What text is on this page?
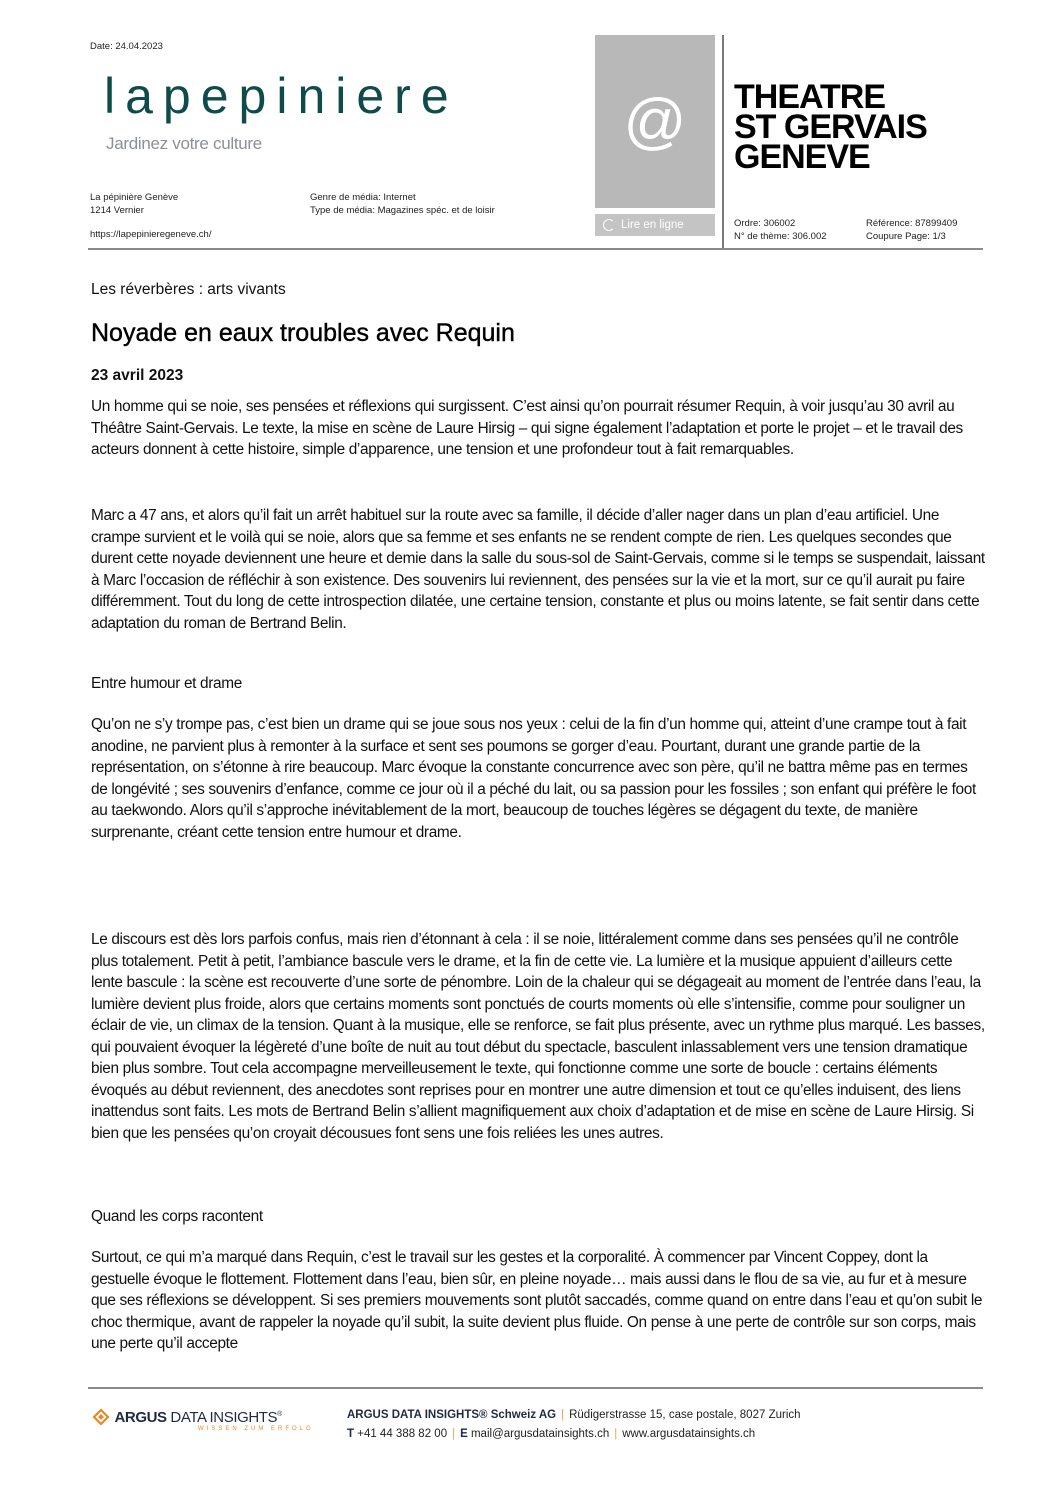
Date: 24.04.2023
lapepiniere
Jardinez votre culture
La pépinière Genève
1214 Vernier
https://lapepinieregeneve.ch/
Genre de média: Internet
Type de média: Magazines spéc. et de loisir
@
Lire en ligne
THEATRE
ST GERVAIS
GENEVE
Ordre: 306002
N° de thème: 306.002
Référence: 87899409
Coupure Page: 1/3
Les réverbères : arts vivants
Noyade en eaux troubles avec Requin
23 avril 2023

Un homme qui se noie, ses pensées et réflexions qui surgissent. C’est ainsi qu’on pourrait résumer Requin, à voir jusqu’au 30 avril au Théâtre Saint-Gervais. Le texte, la mise en scène de Laure Hirsig – qui signe également l’adaptation et porte le projet – et le travail des acteurs donnent à cette histoire, simple d’apparence, une tension et une profondeur tout à fait remarquables.

Marc a 47 ans, et alors qu’il fait un arrêt habituel sur la route avec sa famille, il décide d’aller nager dans un plan d’eau artificiel. Une crampe survient et le voilà qui se noie, alors que sa femme et ses enfants ne se rendent compte de rien. Les quelques secondes que durent cette noyade deviennent une heure et demie dans la salle du sous-sol de Saint-Gervais, comme si le temps se suspendait, laissant à Marc l’occasion de réfléchir à son existence. Des souvenirs lui reviennent, des pensées sur la vie et la mort, sur ce qu’il aurait pu faire différemment. Tout du long de cette introspection dilatée, une certaine tension, constante et plus ou moins latente, se fait sentir dans cette adaptation du roman de Bertrand Belin.

Entre humour et drame

Qu’on ne s’y trompe pas, c’est bien un drame qui se joue sous nos yeux : celui de la fin d’un homme qui, atteint d’une crampe tout à fait anodine, ne parvient plus à remonter à la surface et sent ses poumons se gorger d’eau. Pourtant, durant une grande partie de la représentation, on s’étonne à rire beaucoup. Marc évoque la constante concurrence avec son père, qu’il ne battra même pas en termes de longévité ; ses souvenirs d’enfance, comme ce jour où il a péché du lait, ou sa passion pour les fossiles ; son enfant qui préfère le foot au taekwondo. Alors qu’il s’approche inévitablement de la mort, beaucoup de touches légères se dégagent du texte, de manière surprenante, créant cette tension entre humour et drame.

Le discours est dès lors parfois confus, mais rien d’étonnant à cela : il se noie, littéralement comme dans ses pensées qu’il ne contrôle plus totalement. Petit à petit, l’ambiance bascule vers le drame, et la fin de cette vie. La lumière et la musique appuient d’ailleurs cette lente bascule : la scène est recouverte d’une sorte de pénombre. Loin de la chaleur qui se dégageait au moment de l’entrée dans l’eau, la lumière devient plus froide, alors que certains moments sont ponctués de courts moments où elle s’intensifie, comme pour souligner un éclair de vie, un climax de la tension. Quant à la musique, elle se renforce, se fait plus présente, avec un rythme plus marqué. Les basses, qui pouvaient évoquer la légèreté d’une boîte de nuit au tout début du spectacle, basculent inlassablement vers une tension dramatique bien plus sombre. Tout cela accompagne merveilleusement le texte, qui fonctionne comme une sorte de boucle : certains éléments évoqués au début reviennent, des anecdotes sont reprises pour en montrer une autre dimension et tout ce qu’elles induisent, des liens inattendus sont faits. Les mots de Bertrand Belin s’allient magnifiquement aux choix d’adaptation et de mise en scène de Laure Hirsig. Si bien que les pensées qu’on croyait décousues font sens une fois reliées les unes autres.

Quand les corps racontent

Surtout, ce qui m’a marqué dans Requin, c’est le travail sur les gestes et la corporalité. À commencer par Vincent Coppey, dont la gestuelle évoque le flottement. Flottement dans l’eau, bien sûr, en pleine noyade… mais aussi dans le flou de sa vie, au fur et à mesure que ses réflexions se développent. Si ses premiers mouvements sont plutôt saccadés, comme quand on entre dans l’eau et qu’on subit le choc thermique, avant de rappeler la noyade qu’il subit, la suite devient plus fluide. On pense à une perte de contrôle sur son corps, mais une perte qu’il accepte

ARGUS DATA INSIGHTS®
WISSEN ZUM ERFOLG
ARGUS DATA INSIGHTS® Schweiz AG | Rüdigerstrasse 15, case postale, 8027 Zurich
T +41 44 388 82 00 | E mail@argusdatainsights.ch | www.argusdatainsights.ch
